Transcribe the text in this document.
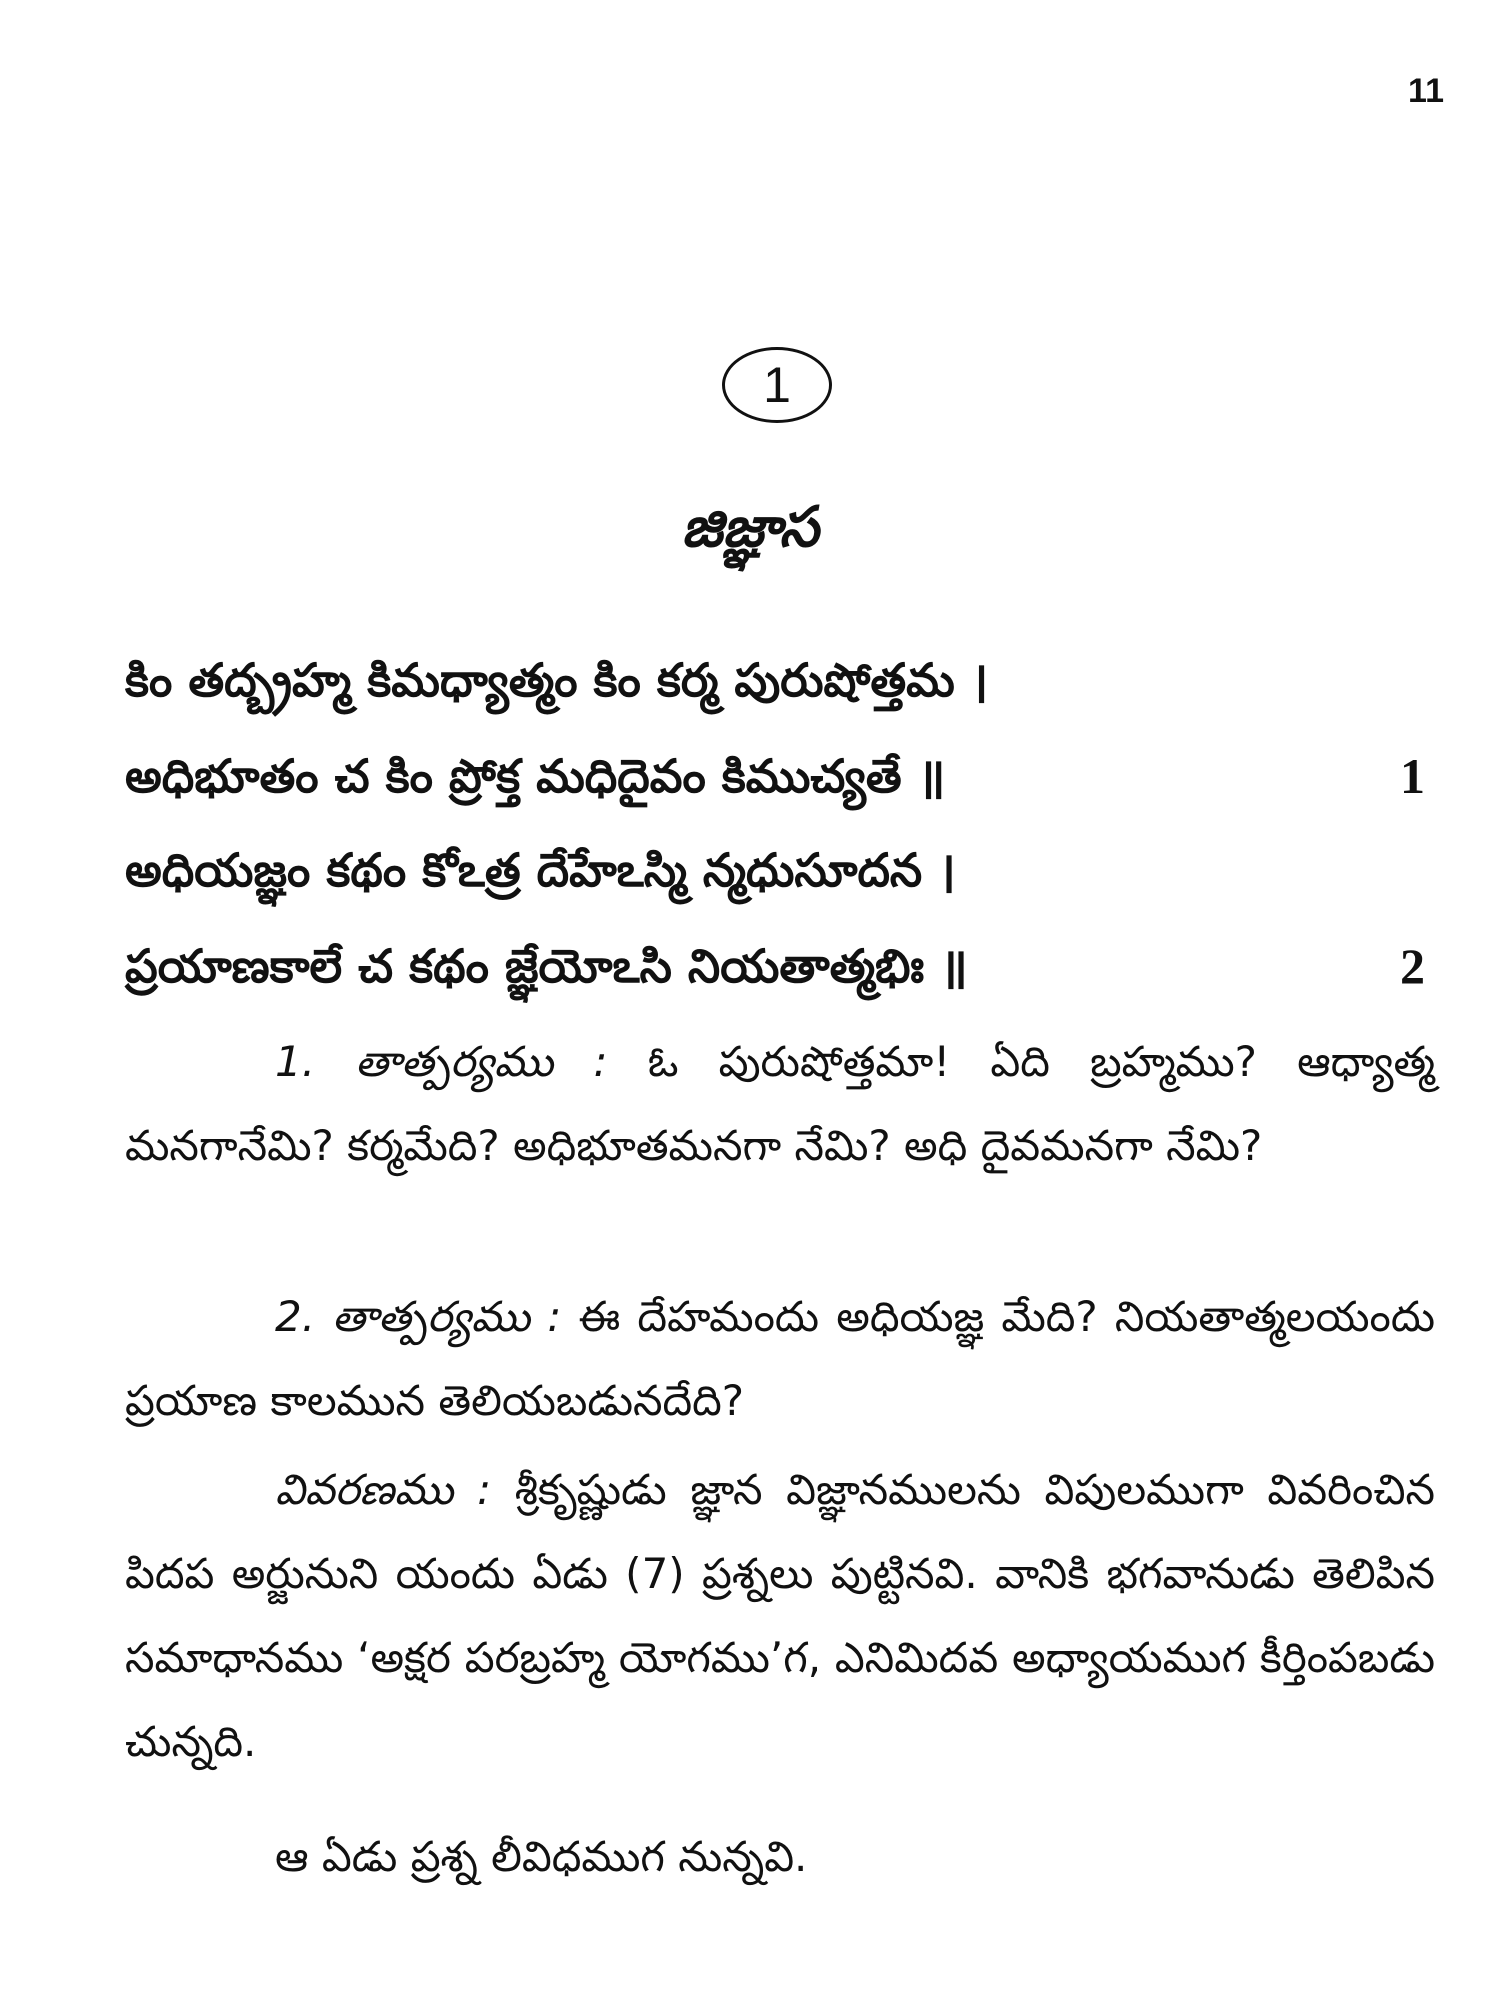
11
1
జిజ్ఞాస
కిం తద్బ్రహ్మ కిమధ్యాత్మం కిం కర్మ పురుషోత్తమ ।
అధిభూతం చ కిం ప్రోక్త మధిదైవం కిముచ్యతే ॥	1
అధియజ్ఞం కథం కోఽత్ర దేహేఽస్మి న్మధుసూదన ।
ప్రయాణకాలే చ కథం జ్ఞేయోఽసి నియతాత్మభిః ॥	2
1. తాత్పర్యము : ఓ పురుషోత్తమా! ఏది బ్రహ్మము? ఆధ్యాత్మ మనగానేమి? కర్మమేది? అధిభూతమనగా నేమి? అధి దైవమనగా నేమి?
2. తాత్పర్యము : ఈ దేహమందు అధియజ్ఞ మేది? నియతాత్మలయందు ప్రయాణ కాలమున తెలియబడునదేది?
వివరణము : శ్రీకృష్ణుడు జ్ఞాన విజ్ఞానములను విపులముగా వివరించిన పిదప అర్జునుని యందు ఏడు (7) ప్రశ్నలు పుట్టినవి. వానికి భగవానుడు తెలిపిన సమాధానము ‘అక్షర పరబ్రహ్మ యోగము’గ, ఎనిమిదవ అధ్యాయముగ కీర్తింపబడు చున్నది.
ఆ ఏడు ప్రశ్న లీవిధముగ నున్నవి.
